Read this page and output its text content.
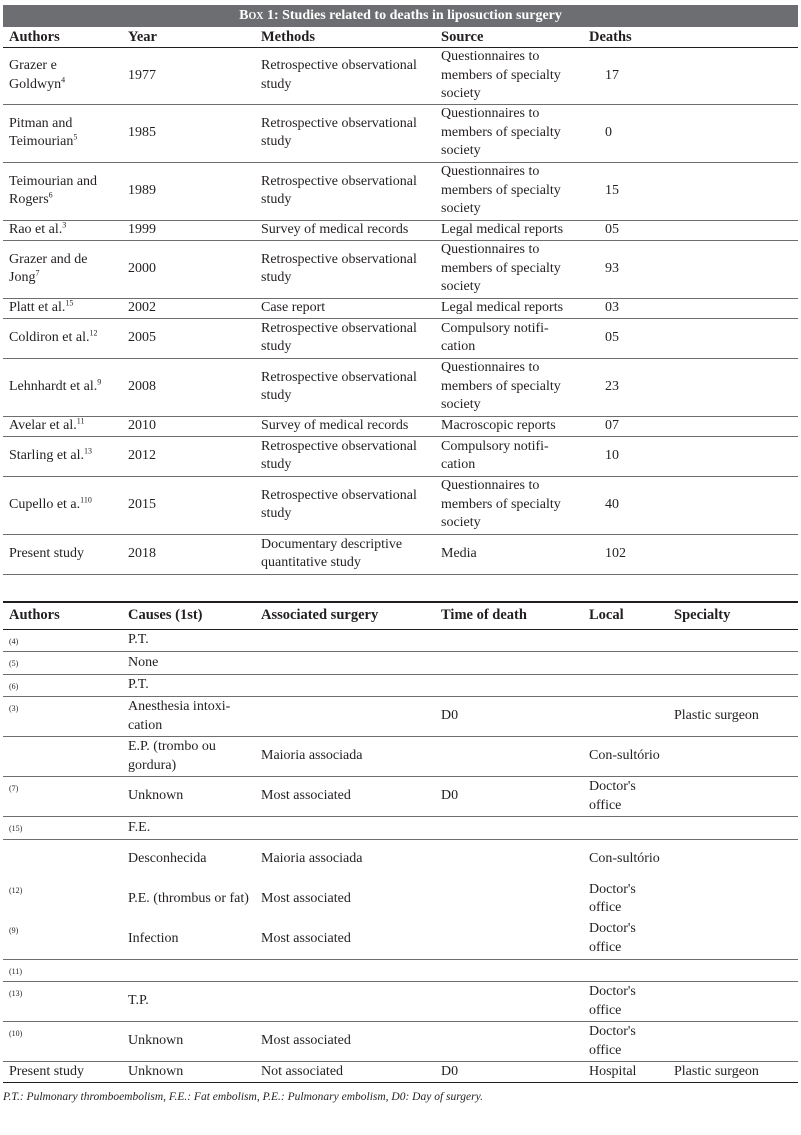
Box 1: Studies related to deaths in liposuction surgery
Authors	Year	Methods	Source	Deaths	
Grazer e Goldwyn$^4$	1977	Retrospective observational study	Questionnaires to members of specialty society	17	
Pitman and Teimourian$^5$	1985	Retrospective observational study	Questionnaires to members of specialty society	0	
Teimourian and Rogers$^6$	1989	Retrospective observational study	Questionnaires to members of specialty society	15	
Rao et al.$^3$	1999	Survey of medical records	Legal medical reports	05	
Grazer and de Jong$^7$	2000	Retrospective observational study	Questionnaires to members of specialty society	93	
Platt et al.$^{15}$	2002	Case report	Legal medical reports	03	
Coldiron et al.$^{12}$	2005	Retrospective observational study	Compulsory notifi-cation	05	
Lehnhardt et al.$^9$	2008	Retrospective observational study	Questionnaires to members of specialty society	23	
Avelar et al.$^{11}$	2010	Survey of medical records	Macroscopic reports	07	
Starling et al.$^{13}$	2012	Retrospective observational study	Compulsory notifi-cation	10	
Cupello et a.$^{110}$	2015	Retrospective observational study	Questionnaires to members of specialty society	40	
Present study	2018	Documentary descriptive quantitative study	Media	102	
Authors	Causes (1st)	Associated surgery	Time of death	Local	Specialty
(4)	P.T.				
(5)	None				
(6)	P.T.				
(3)	Anesthesia intoxi-cation		D0		Plastic surgeon
	E.P. (trombo ou gordura)	Maioria associada		Con-sultório	
(7)	Unknown	Most associated	D0	Doctor's office	
(15)	F.E.				
	Desconhecida	Maioria associada		Con-sultório	
(12)	P.E. (thrombus or fat)	Most associated		Doctor's office	
(9)	Infection	Most associated		Doctor's office	
(11)					
(13)	T.P.			Doctor's office	
(10)	Unknown	Most associated		Doctor's office	
Present study	Unknown	Not associated	D0	Hospital	Plastic surgeon
P.T.: Pulmonary thromboembolism, F.E.: Fat embolism, P.E.: Pulmonary embolism, D0: Day of surgery.
